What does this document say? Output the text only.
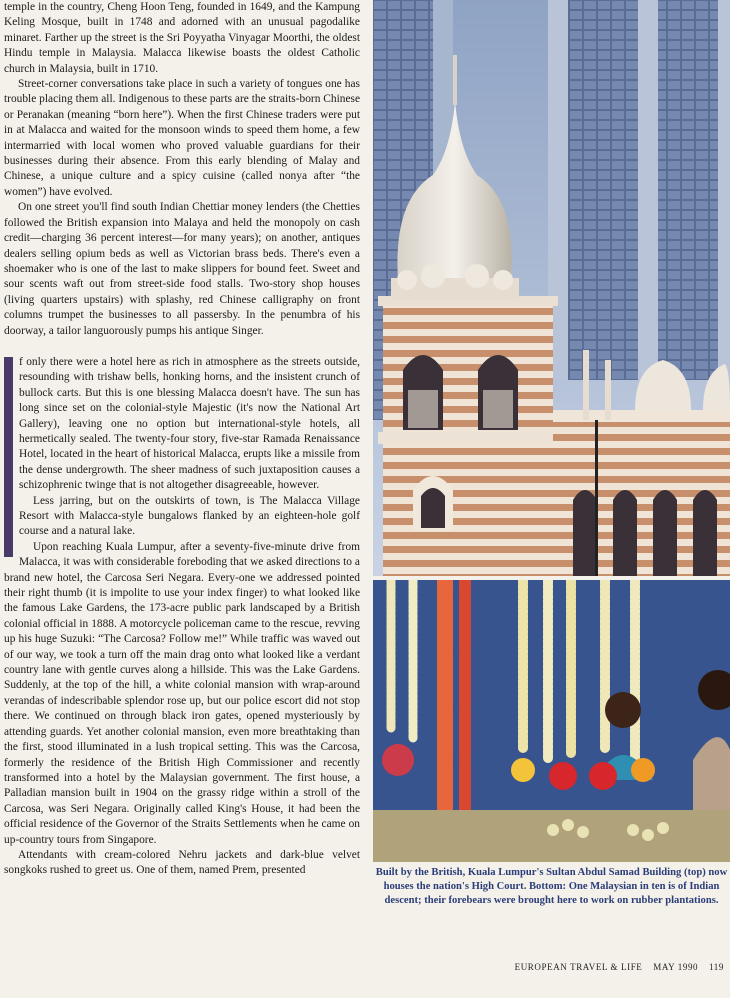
temple in the country, Cheng Hoon Teng, founded in 1649, and the Kampung Keling Mosque, built in 1748 and adorned with an unusual pagodalike minaret. Farther up the street is the Sri Poyyatha Vinyagar Moorthi, the oldest Hindu temple in Malaysia. Malacca likewise boasts the oldest Catholic church in Malaysia, built in 1710.

Street-corner conversations take place in such a variety of tongues one has trouble placing them all. Indigenous to these parts are the straits-born Chinese or Peranakan (meaning “born here”). When the first Chinese traders were put in at Malacca and waited for the monsoon winds to speed them home, a few intermarried with local women who proved valuable guardians for their businesses during their absence. From this early blending of Malay and Chinese, a unique culture and a spicy cuisine (called nonya after “the women”) have evolved.

On one street you'll find south Indian Chettiar money lenders (the Chetties followed the British expansion into Malaya and held the monopoly on cash credit—charging 36 percent interest—for many years); on another, antiques dealers selling opium beds as well as Victorian brass beds. There's even a shoemaker who is one of the last to make slippers for bound feet. Sweet and sour scents waft out from street-side food stalls. Two-story shop houses (living quarters upstairs) with splashy, red Chinese calligraphy on front columns trumpet the businesses to all passersby. In the penumbra of his doorway, a tailor languorously pumps his antique Singer.

f only there were a hotel here as rich in atmosphere as the streets outside, resounding with trishaw bells, honking horns, and the insistent crunch of bullock carts. But this is one blessing Malacca doesn't have. The sun has long since set on the colonial-style Majestic (it's now the National Art Gallery), leaving one no option but international-style hotels, all hermetically sealed. The twenty-four story, five-star Ramada Renaissance Hotel, located in the heart of historical Malacca, erupts like a missile from the dense undergrowth. The sheer madness of such juxtaposition causes a schizophrenic twinge that is not altogether disagreeable, however.

Less jarring, but on the outskirts of town, is The Malacca Village Resort with Malacca-style bungalows flanked by an eighteen-hole golf course and a natural lake.

Upon reaching Kuala Lumpur, after a seventy-five-minute drive from Malacca, it was with considerable foreboding that we asked directions to a brand new hotel, the Carcosa Seri Negara. Every-one we addressed pointed their right thumb (it is impolite to use your index finger) to what looked like the famous Lake Gardens, the 173-acre public park landscaped by a British colonial official in 1888. A motorcycle policeman came to the rescue, revving up his huge Suzuki: “The Carcosa? Follow me!” While traffic was waved out of our way, we took a turn off the main drag onto what looked like a verdant country lane with gentle curves along a hillside. This was the Lake Gardens. Suddenly, at the top of the hill, a white colonial mansion with wrap-around verandas of indescribable splendor rose up, but our police escort did not stop there. We continued on through black iron gates, opened mysteriously by attending guards. Yet another colonial mansion, even more breathtaking than the first, stood illuminated in a lush tropical setting. This was the Carcosa, formerly the residence of the British High Commissioner and recently transformed into a hotel by the Malaysian government. The first house, a Palladian mansion built in 1904 on the grassy ridge within a stroll of the Carcosa, was Seri Negara. Originally called King's House, it had been the official residence of the Governor of the Straits Settlements when he came on up-country tours from Singapore.

Attendants with cream-colored Nehru jackets and dark-blue velvet songkoks rushed to greet us. One of them, named Prem, presented	Built by the British, Kuala Lumpur's Sultan Abdul Samad Building (top) now houses the nation's High Court. Bottom: One Malaysian in ten is of Indian descent; their forebears were brought here to work on rubber plantations.
EUROPEAN TRAVEL & LIFE MAY 1990 119
